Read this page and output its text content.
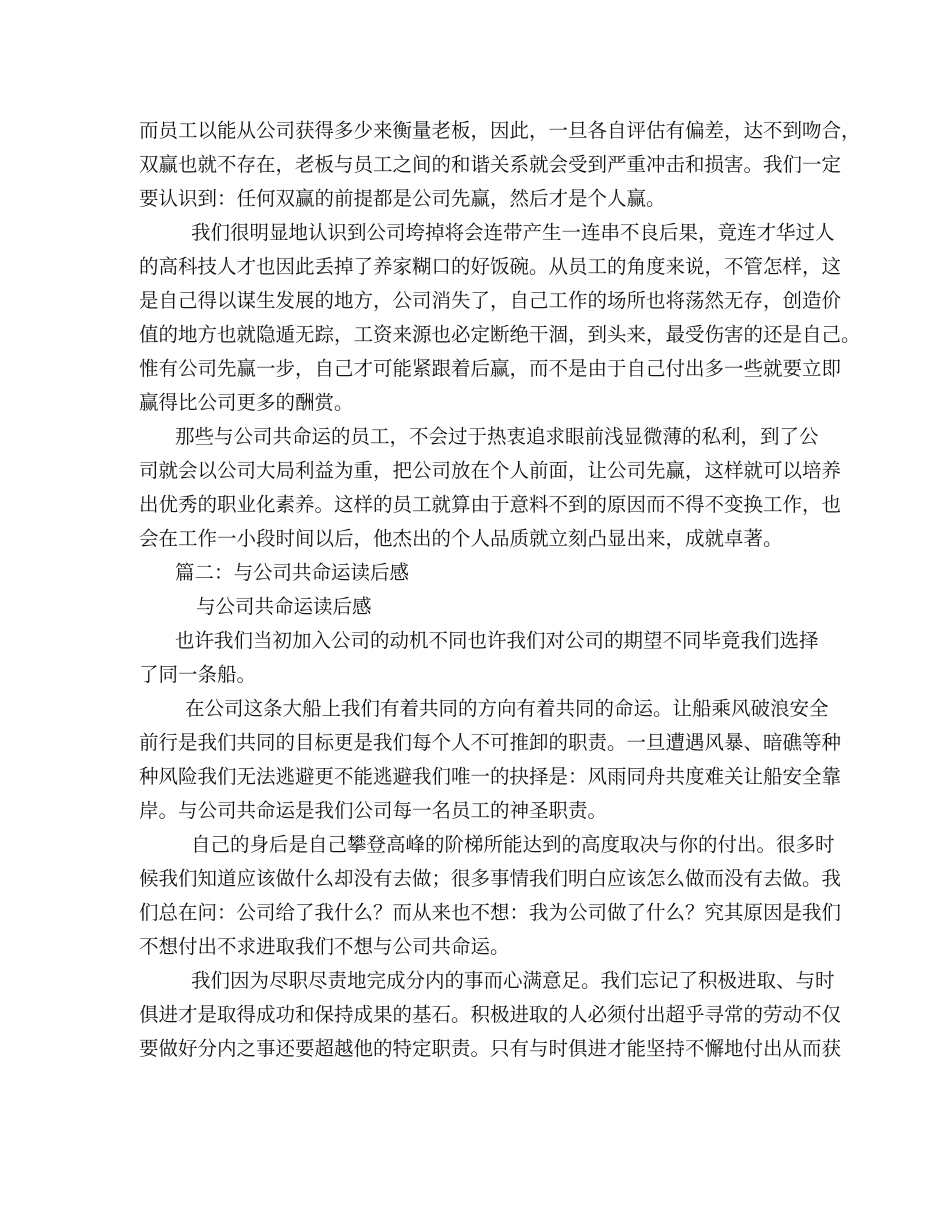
而员工以能从公司获得多少来衡量老板，因此，一旦各自评估有偏差，达不到吻合，
双赢也就不存在，老板与员工之间的和谐关系就会受到严重冲击和损害。我们一定
要认识到：任何双赢的前提都是公司先赢，然后才是个人赢。
我们很明显地认识到公司垮掉将会连带产生一连串不良后果，竟连才华过人
的高科技人才也因此丢掉了养家糊口的好饭碗。从员工的角度来说，不管怎样，这
是自己得以谋生发展的地方，公司消失了，自己工作的场所也将荡然无存，创造价
值的地方也就隐遁无踪，工资来源也必定断绝干涸，到头来，最受伤害的还是自己。
惟有公司先赢一步，自己才可能紧跟着后赢，而不是由于自己付出多一些就要立即
赢得比公司更多的酬赏。
那些与公司共命运的员工，不会过于热衷追求眼前浅显微薄的私利，到了公
司就会以公司大局利益为重，把公司放在个人前面，让公司先赢，这样就可以培养
出优秀的职业化素养。这样的员工就算由于意料不到的原因而不得不变换工作，也
会在工作一小段时间以后，他杰出的个人品质就立刻凸显出来，成就卓著。
篇二：与公司共命运读后感
与公司共命运读后感
也许我们当初加入公司的动机不同也许我们对公司的期望不同毕竟我们选择
了同一条船。
在公司这条大船上我们有着共同的方向有着共同的命运。让船乘风破浪安全
前行是我们共同的目标更是我们每个人不可推卸的职责。一旦遭遇风暴、暗礁等种
种风险我们无法逃避更不能逃避我们唯一的抉择是：风雨同舟共度难关让船安全靠
岸。与公司共命运是我们公司每一名员工的神圣职责。
自己的身后是自己攀登高峰的阶梯所能达到的高度取决与你的付出。很多时
候我们知道应该做什么却没有去做；很多事情我们明白应该怎么做而没有去做。我
们总在问：公司给了我什么？而从来也不想：我为公司做了什么？究其原因是我们
不想付出不求进取我们不想与公司共命运。
我们因为尽职尽责地完成分内的事而心满意足。我们忘记了积极进取、与时
俱进才是取得成功和保持成果的基石。积极进取的人必须付出超乎寻常的劳动不仅
要做好分内之事还要超越他的特定职责。只有与时俱进才能坚持不懈地付出从而获
